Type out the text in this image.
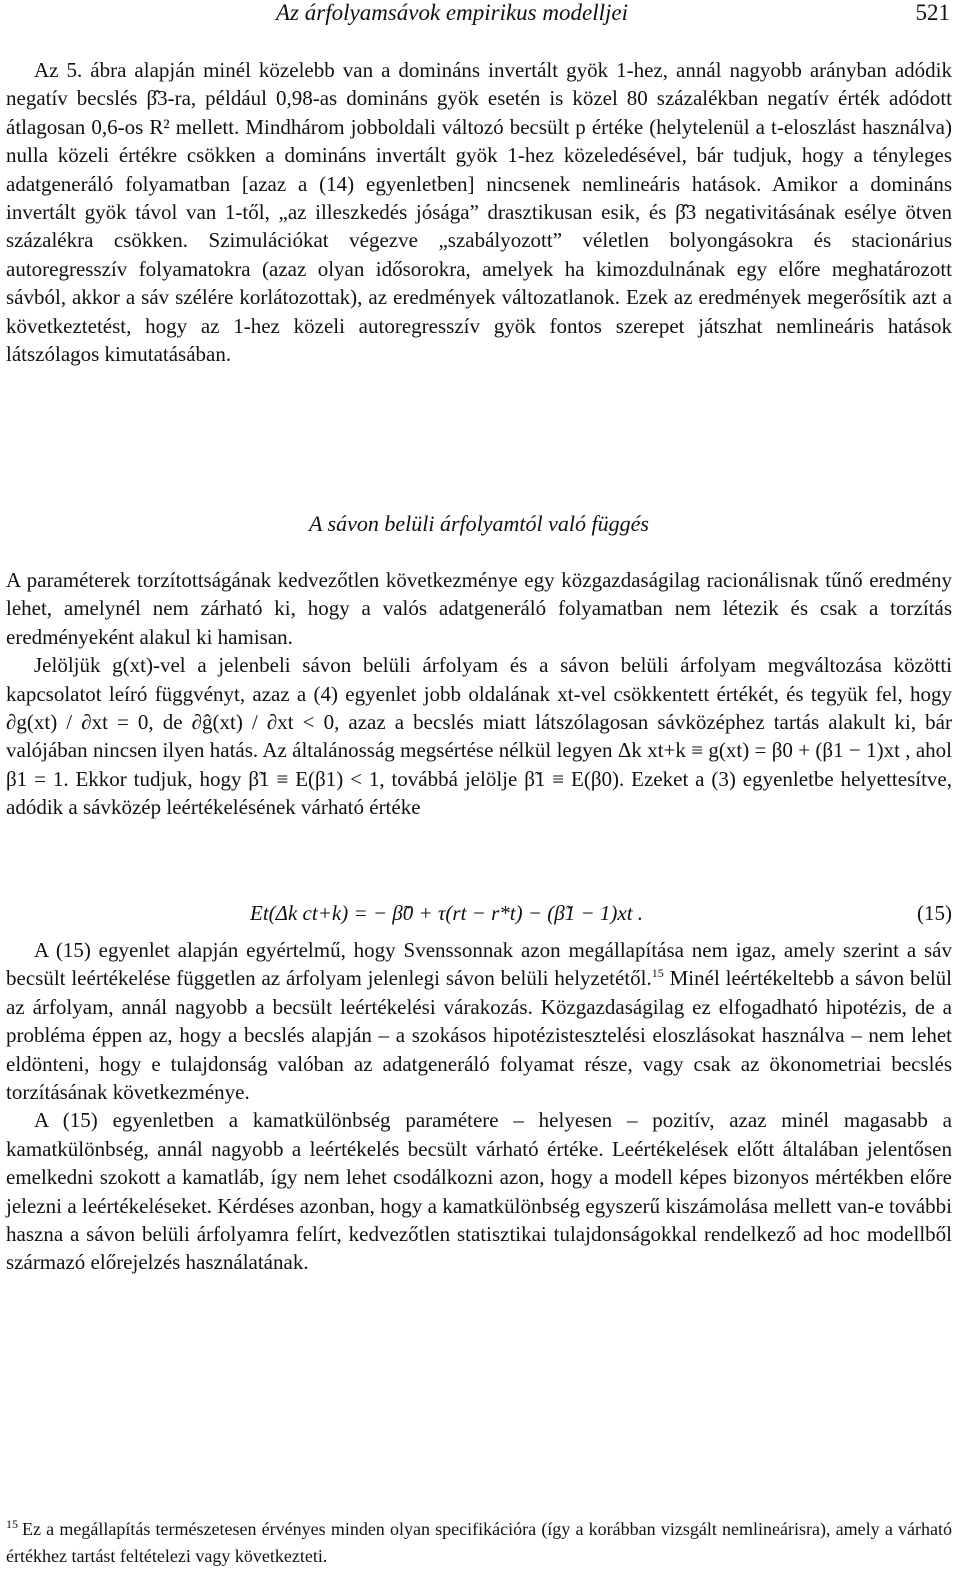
Az árfolyamsávok empirikus modelljei	521

Az 5. ábra alapján minél közelebb van a domináns invertált gyök 1-hez, annál nagyobb arányban adódik negatív becslés β̂3-ra, például 0,98-as domináns gyök esetén is közel 80 százalékban negatív érték adódott átlagosan 0,6-os R² mellett. Mindhárom jobboldali változó becsült p értéke (helytelenül a t-eloszlást használva) nulla közeli értékre csökken a domináns invertált gyök 1-hez közeledésével, bár tudjuk, hogy a tényleges adatgeneráló folyamatban [azaz a (14) egyenletben] nincsenek nemlineáris hatások. Amikor a domináns invertált gyök távol van 1-től, „az illeszkedés jósága” drasztikusan esik, és β̂3 negativitásának esélye ötven százalékra csökken. Szimulációkat végezve „szabályozott” véletlen bolyongásokra és stacionárius autoregresszív folyamatokra (azaz olyan idősorokra, amelyek ha kimozdulnának egy előre meghatározott sávból, akkor a sáv szélére korlátozottak), az eredmények változatlanok. Ezek az eredmények megerősítik azt a következtetést, hogy az 1-hez közeli autoregresszív gyök fontos szerepet játszhat nemlineáris hatások látszólagos kimutatásában.

A sávon belüli árfolyamtól való függés

A paraméterek torzítottságának kedvezőtlen következménye egy közgazdaságilag racionálisnak tűnő eredmény lehet, amelynél nem zárható ki, hogy a valós adatgeneráló folyamatban nem létezik és csak a torzítás eredményeként alakul ki hamisan.

Jelöljük g(xt)-vel a jelenbeli sávon belüli árfolyam és a sávon belüli árfolyam megváltozása közötti kapcsolatot leíró függvényt, azaz a (4) egyenlet jobb oldalának xt-vel csökkentett értékét, és tegyük fel, hogy ∂g(xt) / ∂xt = 0, de ∂ĝ(xt) / ∂xt < 0, azaz a becslés miatt látszólagosan sávközéphez tartás alakult ki, bár valójában nincsen ilyen hatás. Az általánosság megsértése nélkül legyen Δk xt+k ≡ g(xt) = β0 + (β1 − 1)xt , ahol β1 = 1. Ekkor tudjuk, hogy β̃1 ≡ E(β1) < 1, továbbá jelölje β̃1 ≡ E(β0). Ezeket a (3) egyenletbe helyettesítve, adódik a sávközép leértékelésének várható értéke

Et(Δk ct+k) = − β̃0 + τ(rt − r*t) − (β̃1 − 1)xt .	(15)

A (15) egyenlet alapján egyértelmű, hogy Svenssonnak azon megállapítása nem igaz, amely szerint a sáv becsült leértékelése független az árfolyam jelenlegi sávon belüli helyzetétől.$^{15}$ Minél leértékeltebb a sávon belül az árfolyam, annál nagyobb a becsült leértékelési várakozás. Közgazdaságilag ez elfogadható hipotézis, de a probléma éppen az, hogy a becslés alapján – a szokásos hipotézistesztelési eloszlásokat használva – nem lehet eldönteni, hogy e tulajdonság valóban az adatgeneráló folyamat része, vagy csak az ökonometriai becslés torzításának következménye.

A (15) egyenletben a kamatkülönbség paramétere – helyesen – pozitív, azaz minél magasabb a kamatkülönbség, annál nagyobb a leértékelés becsült várható értéke. Leértékelések előtt általában jelentősen emelkedni szokott a kamatláb, így nem lehet csodálkozni azon, hogy a modell képes bizonyos mértékben előre jelezni a leértékeléseket. Kérdéses azonban, hogy a kamatkülönbség egyszerű kiszámolása mellett van-e további haszna a sávon belüli árfolyamra felírt, kedvezőtlen statisztikai tulajdonságokkal rendelkező ad hoc modellből származó előrejelzés használatának.

$^{15}$ Ez a megállapítás természetesen érvényes minden olyan specifikációra (így a korábban vizsgált nemlineárisra), amely a várható értékhez tartást feltételezi vagy következteti.
